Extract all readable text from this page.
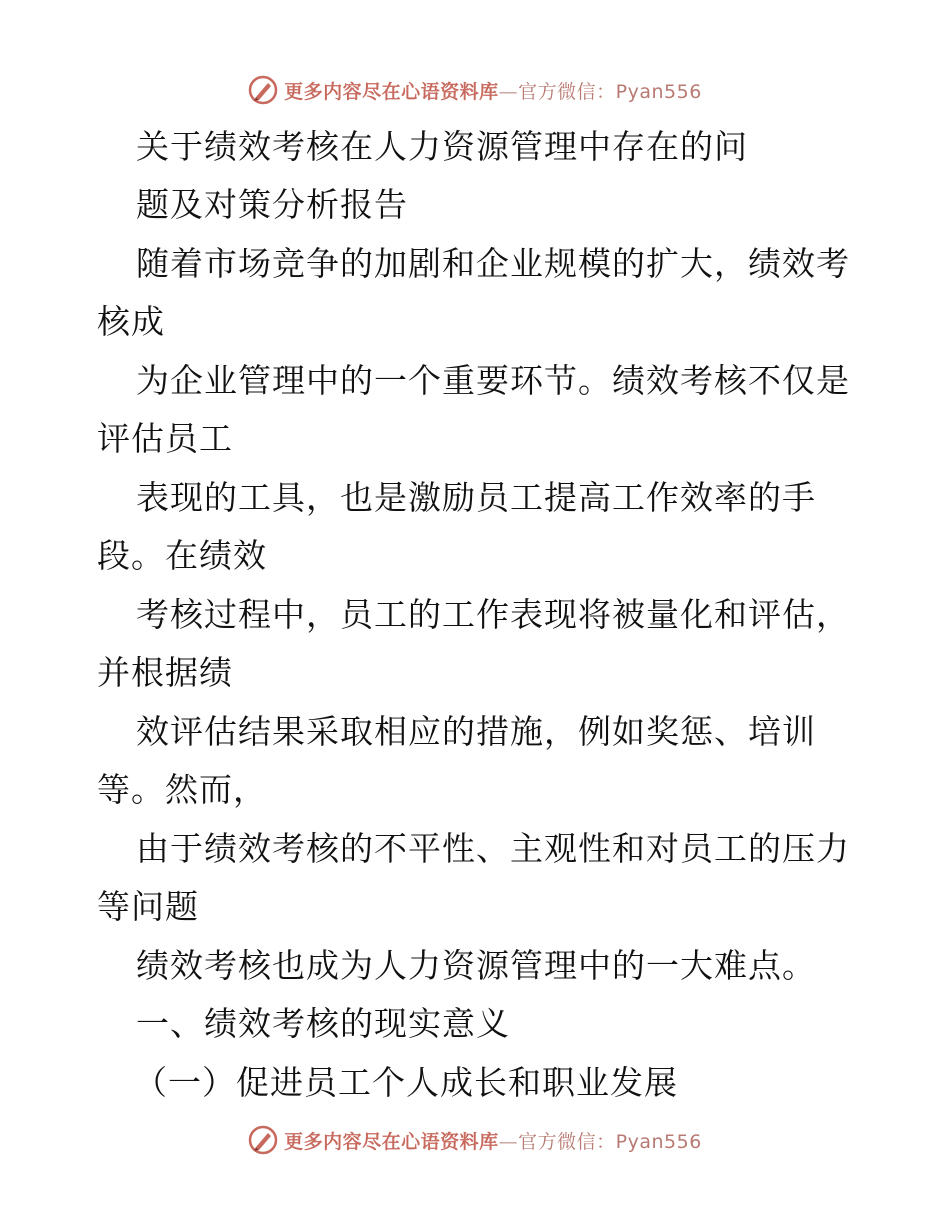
更多内容尽在心语资料库—官方微信：Pyan556
关于绩效考核在人力资源管理中存在的问
题及对策分析报告
随着市场竞争的加剧和企业规模的扩大，绩效考
核成
为企业管理中的一个重要环节。绩效考核不仅是
评估员工
表现的工具，也是激励员工提高工作效率的手
段。在绩效
考核过程中，员工的工作表现将被量化和评估，
并根据绩
效评估结果采取相应的措施，例如奖惩、培训
等。然而，
由于绩效考核的不平性、主观性和对员工的压力
等问题
绩效考核也成为人力资源管理中的一大难点。
一、绩效考核的现实意义
（一）促进员工个人成长和职业发展
更多内容尽在心语资料库—官方微信：Pyan556
